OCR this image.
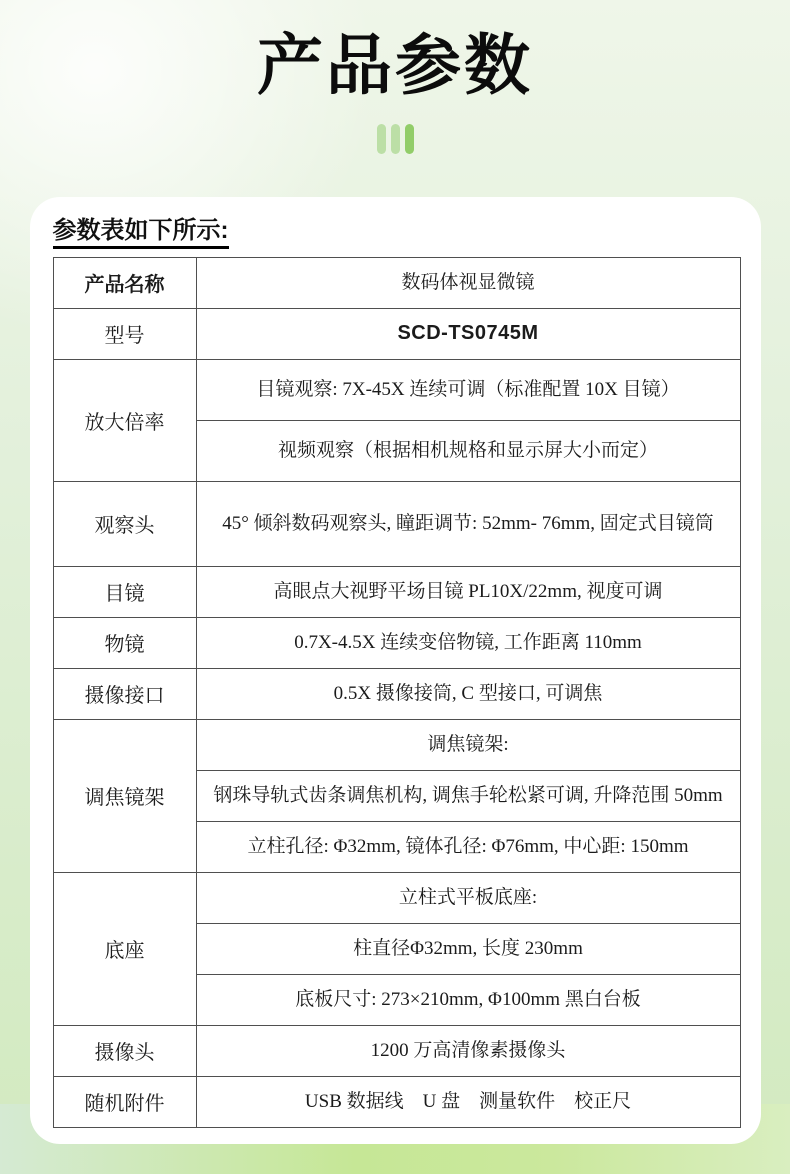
产品参数
参数表如下所示:
产品名称	数码体视显微镜
型号	SCD-TS0745M
放大倍率	目镜观察: 7X-45X 连续可调（标准配置 10X 目镜）
	视频观察（根据相机规格和显示屏大小而定）
观察头	45° 倾斜数码观察头, 瞳距调节: 52mm- 76mm, 固定式目镜筒
目镜	高眼点大视野平场目镜 PL10X/22mm, 视度可调
物镜	0.7X-4.5X 连续变倍物镜, 工作距离 110mm
摄像接口	0.5X 摄像接筒, C 型接口, 可调焦
调焦镜架	调焦镜架:
	钢珠导轨式齿条调焦机构, 调焦手轮松紧可调, 升降范围 50mm
	立柱孔径: Φ32mm, 镜体孔径: Φ76mm, 中心距: 150mm
底座	立柱式平板底座:
	柱直径Φ32mm, 长度 230mm
	底板尺寸: 273×210mm, Φ100mm 黑白台板
摄像头	1200 万高清像素摄像头
随机附件	USB 数据线　U 盘　测量软件　校正尺
